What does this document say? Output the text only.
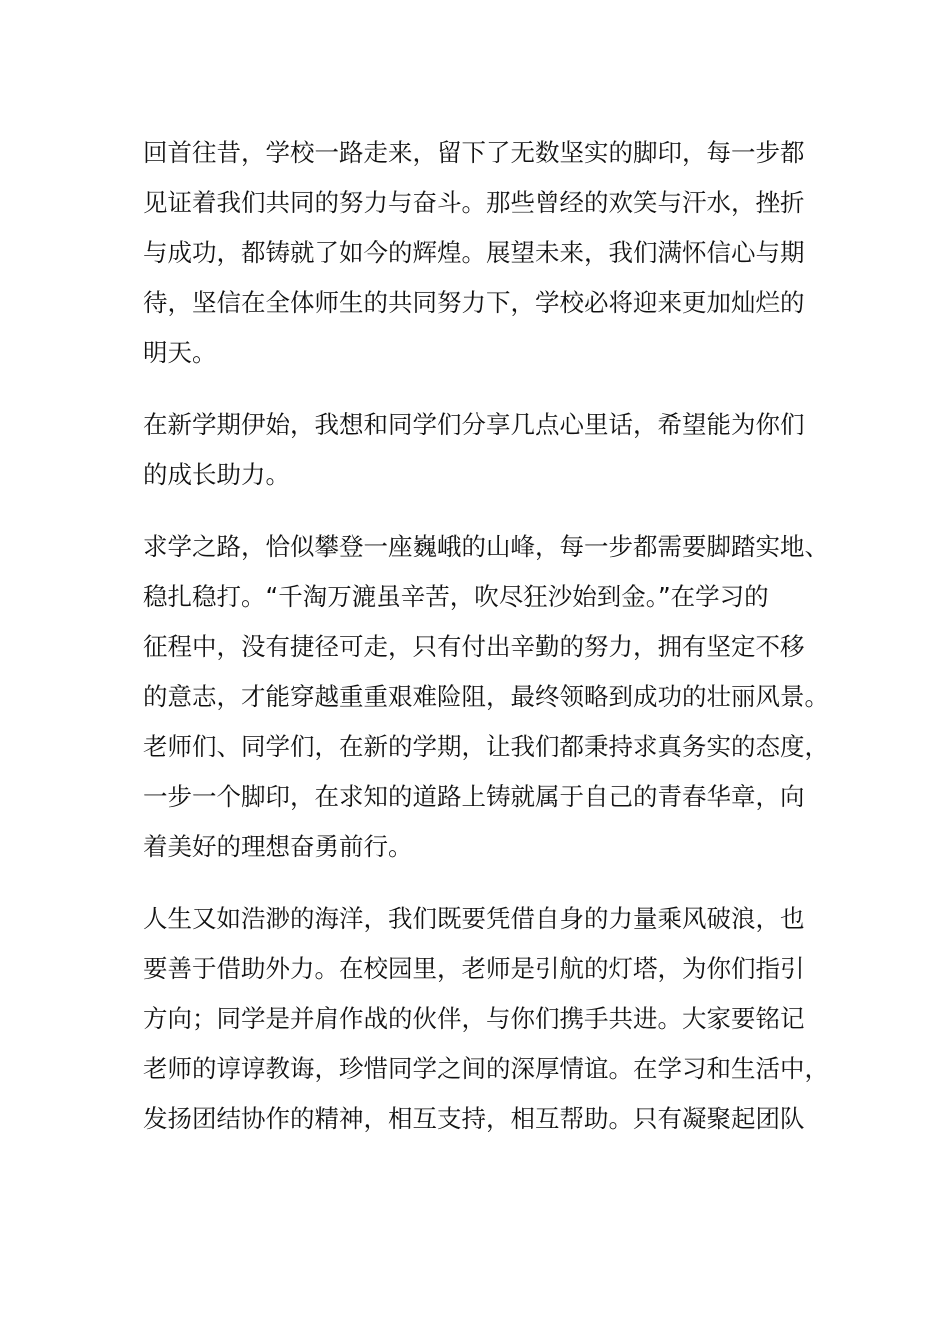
回首往昔，学校一路走来，留下了无数坚实的脚印，每一步都
见证着我们共同的努力与奋斗。那些曾经的欢笑与汗水，挫折
与成功，都铸就了如今的辉煌。展望未来，我们满怀信心与期
待，坚信在全体师生的共同努力下，学校必将迎来更加灿烂的
明天。

在新学期伊始，我想和同学们分享几点心里话，希望能为你们
的成长助力。

求学之路，恰似攀登一座巍峨的山峰，每一步都需要脚踏实地、
稳扎稳打。“千淘万漉虽辛苦，吹尽狂沙始到金。”在学习的
征程中，没有捷径可走，只有付出辛勤的努力，拥有坚定不移
的意志，才能穿越重重艰难险阻，最终领略到成功的壮丽风景。
老师们、同学们，在新的学期，让我们都秉持求真务实的态度，
一步一个脚印，在求知的道路上铸就属于自己的青春华章，向
着美好的理想奋勇前行。

人生又如浩渺的海洋，我们既要凭借自身的力量乘风破浪，也
要善于借助外力。在校园里，老师是引航的灯塔，为你们指引
方向；同学是并肩作战的伙伴，与你们携手共进。大家要铭记
老师的谆谆教诲，珍惜同学之间的深厚情谊。在学习和生活中，
发扬团结协作的精神，相互支持，相互帮助。只有凝聚起团队
